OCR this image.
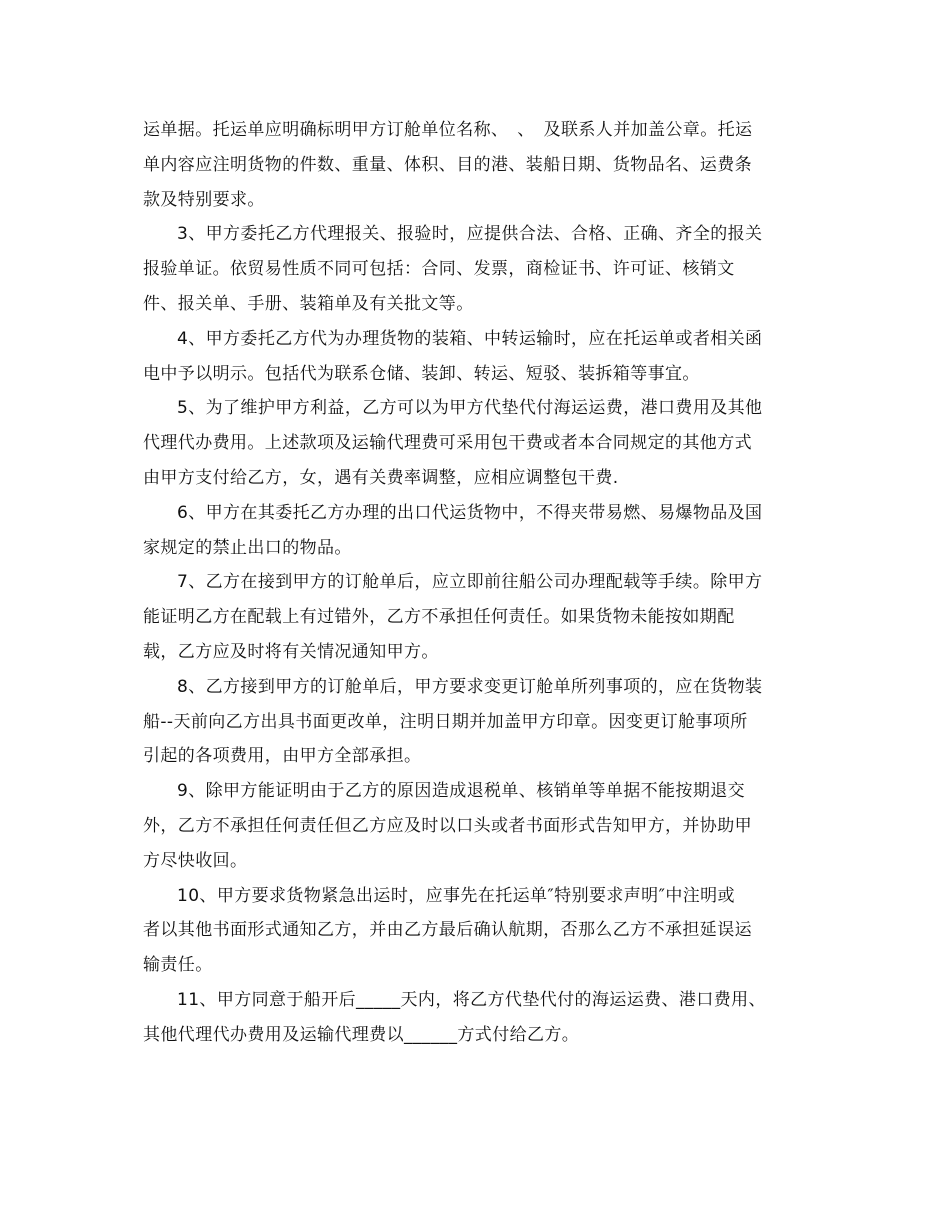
运单据。托运单应明确标明甲方订舱单位名称、　、　及联系人并加盖公章。托运
单内容应注明货物的件数、重量、体积、目的港、装船日期、货物品名、运费条
款及特别要求。

3、甲方委托乙方代理报关、报验时，应提供合法、合格、正确、齐全的报关
报验单证。依贸易性质不同可包括：合同、发票，商检证书、许可证、核销文
件、报关单、手册、装箱单及有关批文等。

4、甲方委托乙方代为办理货物的装箱、中转运输时，应在托运单或者相关函
电中予以明示。包括代为联系仓储、装卸、转运、短驳、装拆箱等事宜。

5、为了维护甲方利益，乙方可以为甲方代垫代付海运运费，港口费用及其他
代理代办费用。上述款项及运输代理费可采用包干费或者本合同规定的其他方式
由甲方支付给乙方，女，遇有关费率调整，应相应调整包干费.

6、甲方在其委托乙方办理的出口代运货物中，不得夹带易燃、易爆物品及国
家规定的禁止出口的物品。

7、乙方在接到甲方的订舱单后，应立即前往船公司办理配载等手续。除甲方
能证明乙方在配载上有过错外，乙方不承担任何责任。如果货物未能按如期配
载，乙方应及时将有关情况通知甲方。

8、乙方接到甲方的订舱单后，甲方要求变更订舱单所列事项的，应在货物装
船--天前向乙方出具书面更改单，注明日期并加盖甲方印章。因变更订舱事项所
引起的各项费用，由甲方全部承担。

9、除甲方能证明由于乙方的原因造成退税单、核销单等单据不能按期退交
外，乙方不承担任何责任但乙方应及时以口头或者书面形式告知甲方，并协助甲
方尽快收回。

10、甲方要求货物紧急出运时，应事先在托运单″特别要求声明″中注明或
者以其他书面形式通知乙方，并由乙方最后确认航期，否那么乙方不承担延误运
输责任。

11、甲方同意于船开后_____天内，将乙方代垫代付的海运运费、港口费用、
其他代理代办费用及运输代理费以______方式付给乙方。
